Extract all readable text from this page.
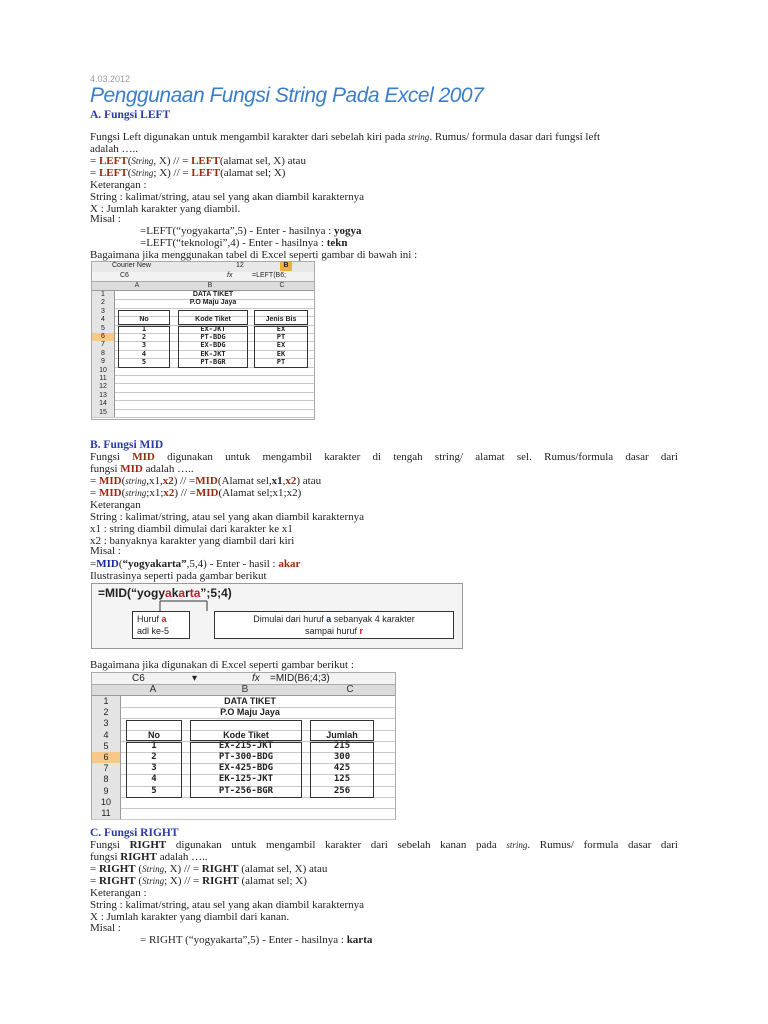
4.03.2012
Penggunaan Fungsi String Pada Excel 2007
A. Fungsi LEFT
Fungsi Left digunakan untuk mengambil karakter dari sebelah kiri pada string. Rumus/ formula dasar dari fungsi left
adalah …..
= LEFT(String, X) // = LEFT(alamat sel, X) atau
= LEFT(String; X) // = LEFT(alamat sel; X)
Keterangan :
String : kalimat/string, atau sel yang akan diambil karakternya
X : Jumlah karakter yang diambil.
Misal :
=LEFT(“yogyakarta”,5) - Enter - hasilnya : yogya
=LEFT(“teknologi”,4) - Enter - hasilnya : tekn
Bagaimana jika menggunakan tabel di Excel seperti gambar di bawah ini :
Courier New	12	B
C6	fx	=LEFT(B6;
A	B	C
1	DATA TIKET
2	P.O Maju Jaya
3
4	No	Kode Tiket	Jenis Bis
5	1	EX-JKT	EX
6	2	PT-BDG	PT
7	3	EX-BDG	EX
8	4	EK-JKT	EK
9	5	PT-BGR	PT
10
11
12
13
14
15
B. Fungsi MID
Fungsi MID digunakan untuk mengambil karakter di tengah string/ alamat sel. Rumus/formula dasar dari
fungsi MID adalah …..
= MID(string,x1,x2) // =MID(Alamat sel,x1,x2) atau
= MID(string;x1;x2) // =MID(Alamat sel;x1;x2)
Keterangan
String : kalimat/string, atau sel yang akan diambil karakternya
x1 : string diambil dimulai dari karakter ke x1
x2 : banyaknya karakter yang diambil dari kiri
Misal :
=MID(“yogyakarta”,5,4) - Enter - hasil : akar
Ilustrasinya seperti pada gambar berikut
=MID(“yogyakarta”;5;4)
Huruf a
adl ke-5
Dimulai dari huruf a sebanyak 4 karakter
sampai huruf r
Bagaimana jika digunakan di Excel seperti gambar berikut :
C6	▾	fx =MID(B6;4;3)
A	B	C
1	DATA TIKET
2	P.O Maju Jaya
3
4	No	Kode Tiket	Jumlah
5	1	EX-215-JKT	215
6	2	PT-300-BDG	300
7	3	EX-425-BDG	425
8	4	EK-125-JKT	125
9	5	PT-256-BGR	256
10
11
C. Fungsi RIGHT
Fungsi RIGHT digunakan untuk mengambil karakter dari sebelah kanan pada string. Rumus/ formula dasar dari
fungsi RIGHT adalah …..
= RIGHT (String, X) // = RIGHT (alamat sel, X) atau
= RIGHT (String; X) // = RIGHT (alamat sel; X)
Keterangan :
String : kalimat/string, atau sel yang akan diambil karakternya
X : Jumlah karakter yang diambil dari kanan.
Misal :
= RIGHT (“yogyakarta”,5) - Enter - hasilnya : karta
